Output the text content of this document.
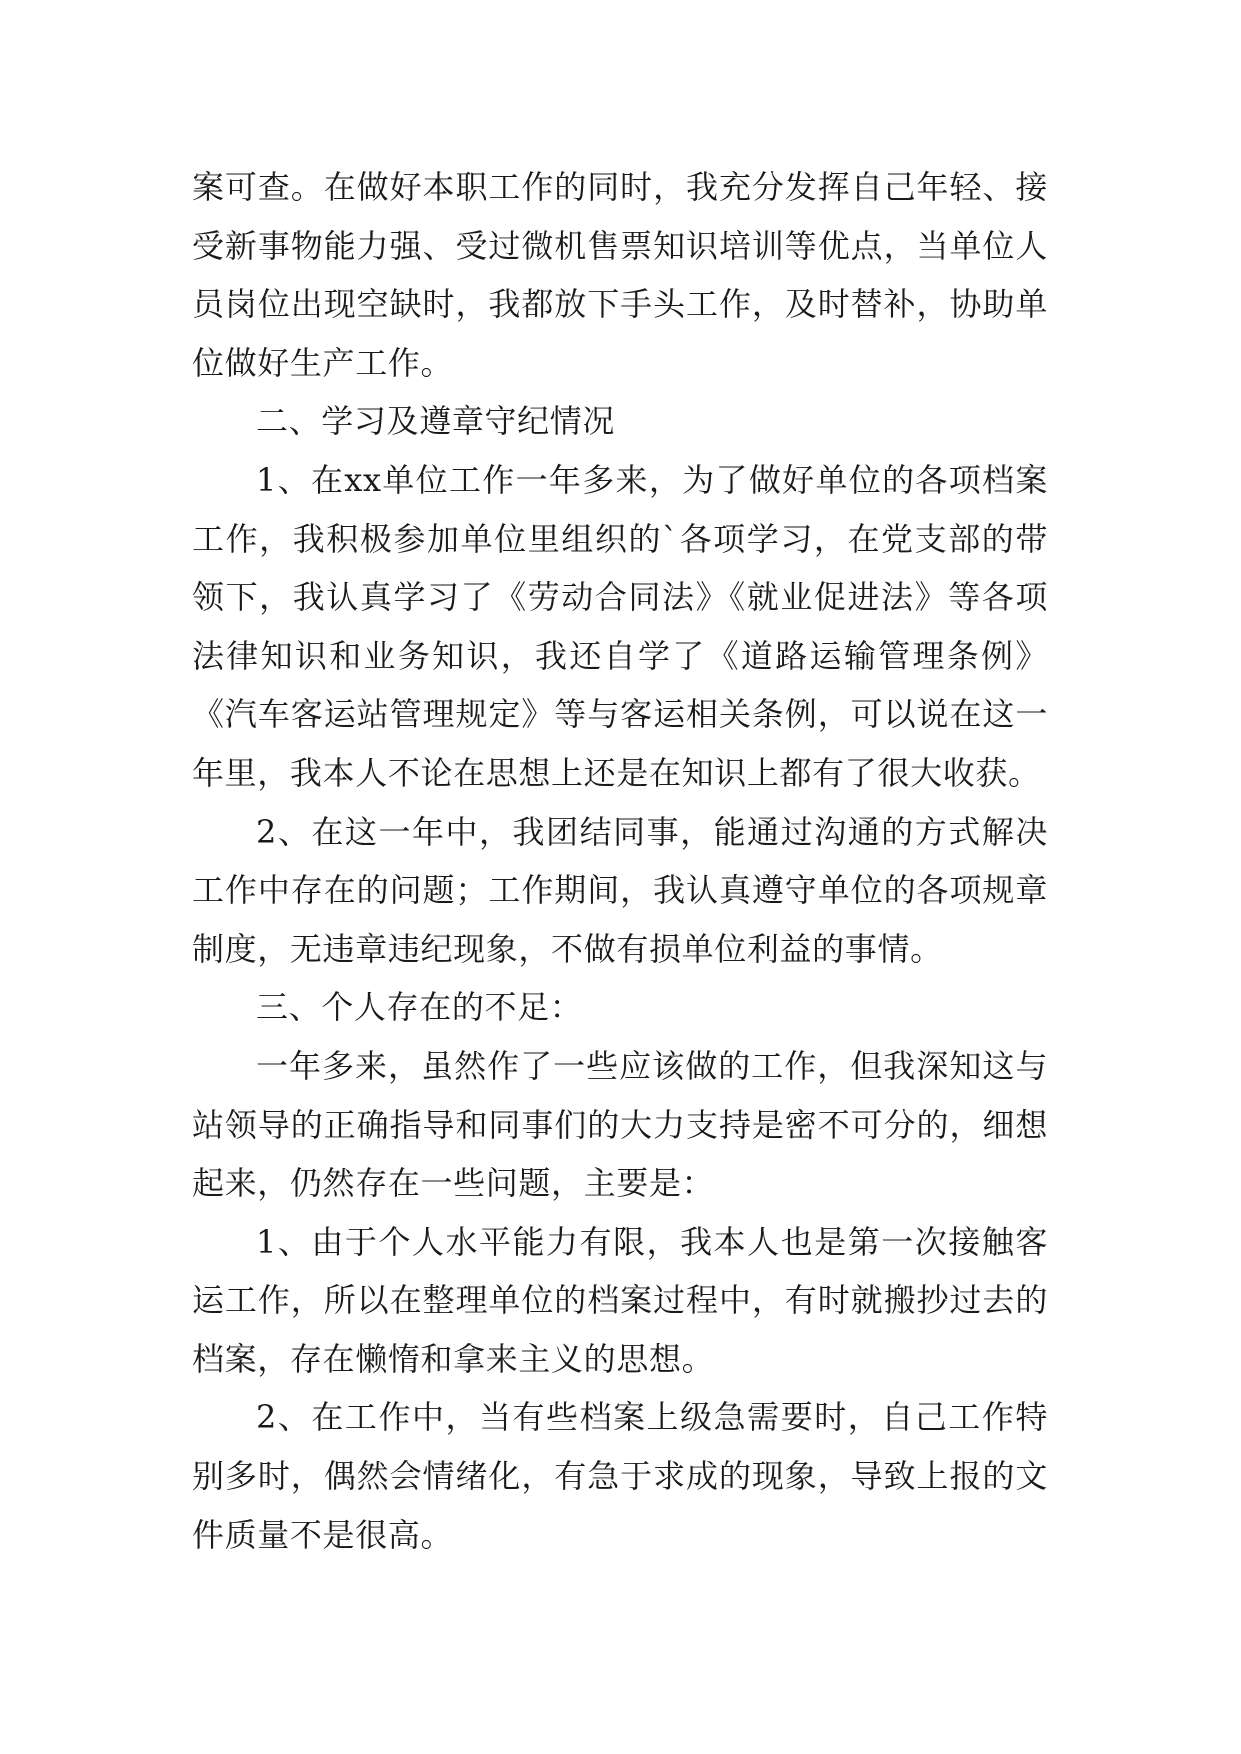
案可查。在做好本职工作的同时，我充分发挥自己年轻、接受新事物能力强、受过微机售票知识培训等优点，当单位人员岗位出现空缺时，我都放下手头工作，及时替补，协助单位做好生产工作。

二、学习及遵章守纪情况

1、在xx单位工作一年多来，为了做好单位的各项档案工作，我积极参加单位里组织的`各项学习，在党支部的带领下，我认真学习了《劳动合同法》《就业促进法》等各项法律知识和业务知识，我还自学了《道路运输管理条例》《汽车客运站管理规定》等与客运相关条例，可以说在这一年里，我本人不论在思想上还是在知识上都有了很大收获。

2、在这一年中，我团结同事，能通过沟通的方式解决工作中存在的问题；工作期间，我认真遵守单位的各项规章制度，无违章违纪现象，不做有损单位利益的事情。

三、个人存在的不足：

一年多来，虽然作了一些应该做的工作，但我深知这与站领导的正确指导和同事们的大力支持是密不可分的，细想起来，仍然存在一些问题，主要是：

1、由于个人水平能力有限，我本人也是第一次接触客运工作，所以在整理单位的档案过程中，有时就搬抄过去的档案，存在懒惰和拿来主义的思想。

2、在工作中，当有些档案上级急需要时，自己工作特别多时，偶然会情绪化，有急于求成的现象，导致上报的文件质量不是很高。
